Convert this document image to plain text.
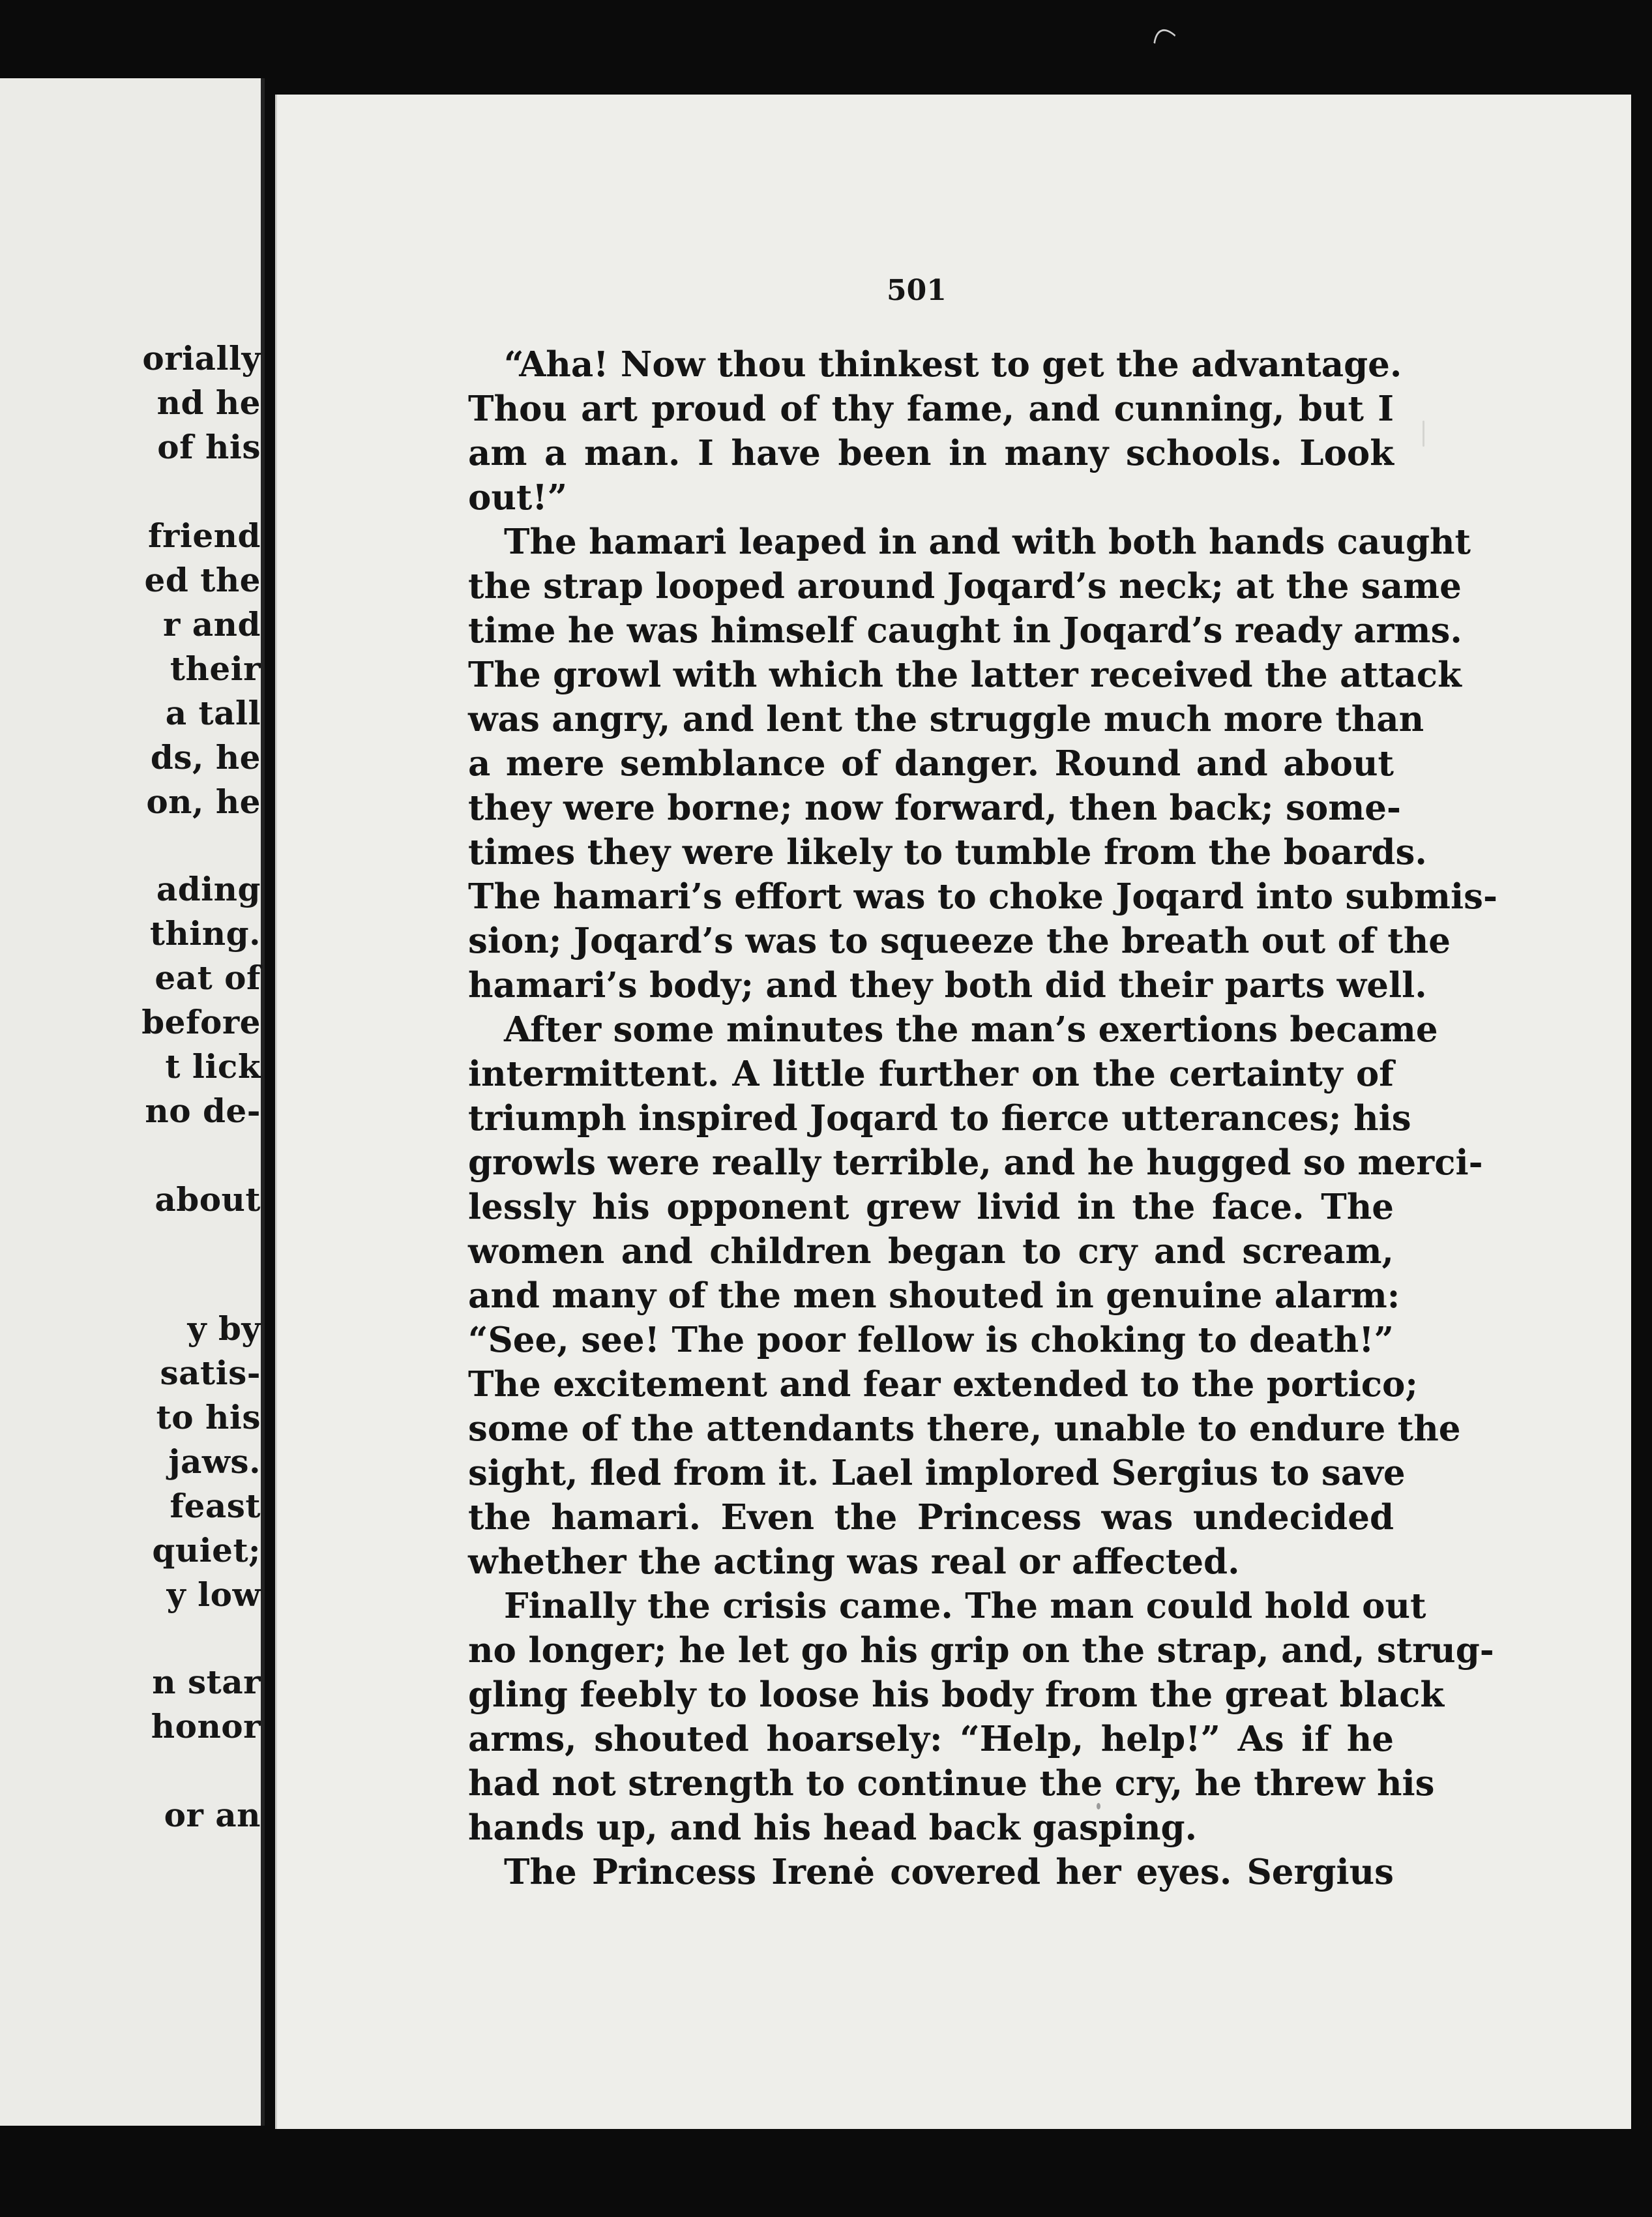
orially
nd he
of his
friend
ed the
r and
their
a tall
ds, he
on, he
ading
thing.
eat of
before
t lick
no de-
about
y by
satis-
to his
jaws.
feast
quiet;
y low
n star
honor
or an
501
“Aha! Now thou thinkest to get the advantage.
Thou art proud of thy fame, and cunning, but I
am a man. I have been in many schools. Look
out!”
The hamari leaped in and with both hands caught
the strap looped around Joqard’s neck; at the same
time he was himself caught in Joqard’s ready arms.
The growl with which the latter received the attack
was angry, and lent the struggle much more than
a mere semblance of danger. Round and about
they were borne; now forward, then back; some-
times they were likely to tumble from the boards.
The hamari’s effort was to choke Joqard into submis-
sion; Joqard’s was to squeeze the breath out of the
hamari’s body; and they both did their parts well.
After some minutes the man’s exertions became
intermittent. A little further on the certainty of
triumph inspired Joqard to fierce utterances; his
growls were really terrible, and he hugged so merci-
lessly his opponent grew livid in the face. The
women and children began to cry and scream,
and many of the men shouted in genuine alarm:
“See, see! The poor fellow is choking to death!”
The excitement and fear extended to the portico;
some of the attendants there, unable to endure the
sight, fled from it. Lael implored Sergius to save
the hamari. Even the Princess was undecided
whether the acting was real or affected.
Finally the crisis came. The man could hold out
no longer; he let go his grip on the strap, and, strug-
gling feebly to loose his body from the great black
arms, shouted hoarsely: “Help, help!” As if he
had not strength to continue the cry, he threw his
hands up, and his head back gasping.
The Princess Irenė covered her eyes. Sergius
